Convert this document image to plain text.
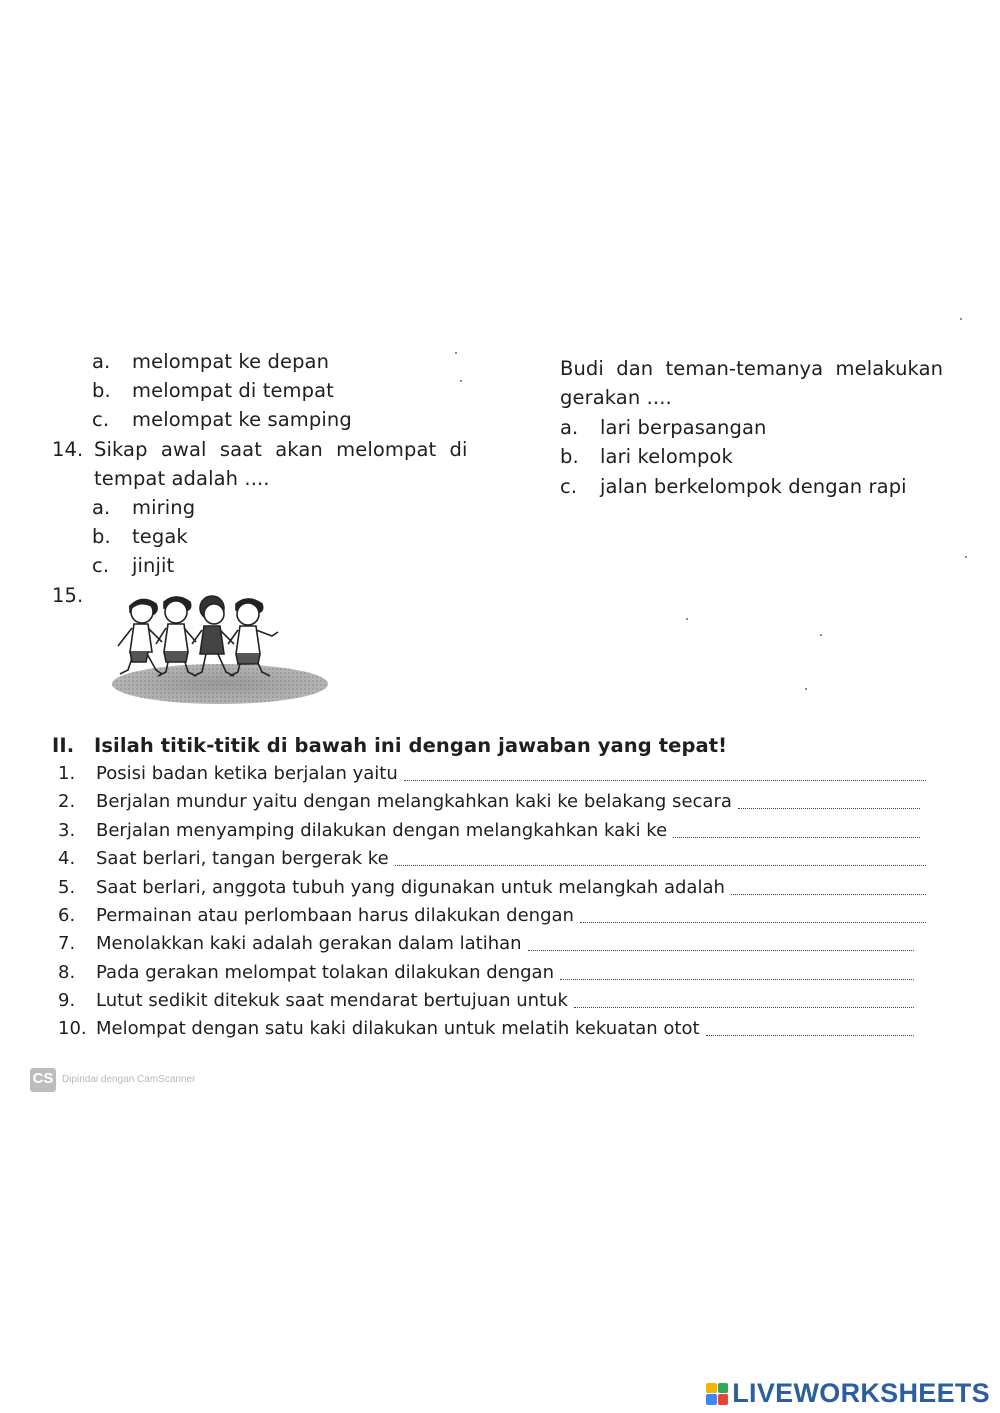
a. melompat ke depan
b. melompat di tempat
c. melompat ke samping
14. Sikap awal saat akan melompat di
tempat adalah ....
a. miring
b. tegak
c. jinjit
15.
Budi dan teman-temanya melakukan
gerakan ....
a. lari berpasangan
b. lari kelompok
c. jalan berkelompok dengan rapi
II. Isilah titik-titik di bawah ini dengan jawaban yang tepat!
1.	Posisi badan ketika berjalan yaitu
2.	Berjalan mundur yaitu dengan melangkahkan kaki ke belakang secara
3.	Berjalan menyamping dilakukan dengan melangkahkan kaki ke
4.	Saat berlari, tangan bergerak ke
5.	Saat berlari, anggota tubuh yang digunakan untuk melangkah adalah
6.	Permainan atau perlombaan harus dilakukan dengan
7.	Menolakkan kaki adalah gerakan dalam latihan
8.	Pada gerakan melompat tolakan dilakukan dengan
9.	Lutut sedikit ditekuk saat mendarat bertujuan untuk
10. Melompat dengan satu kaki dilakukan untuk melatih kekuatan otot
CS Dipindai dengan CamScanner
LIVEWORKSHEETS
